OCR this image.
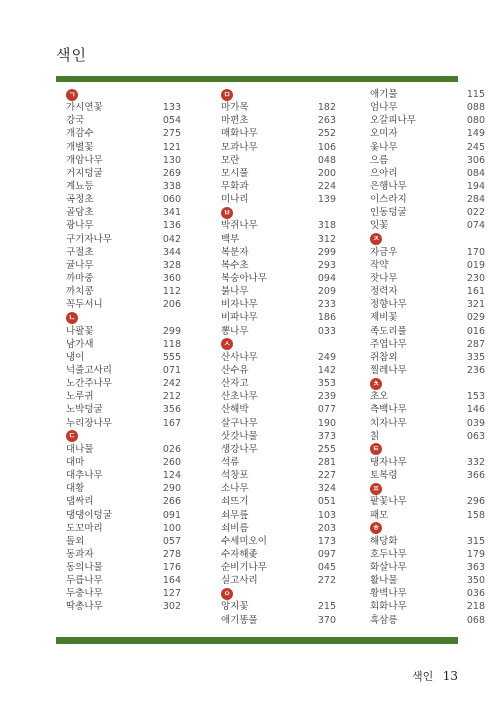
색인
ㄱ
가시연꽃	133
강국	054
개감수	275
개별꽃	121
개암나무	130
거지덩굴	269
계뇨등	338
곡정초	060
골담초	341
광나무	136
구기자나무	042
구절초	344
귤나무	328
까마중	360
까치콩	112
꼭두서니	206
ㄴ
나팔꽃	299
남가새	118
냉이	555
넉줄고사리	071
노간주나무	242
노루귀	212
노박덩굴	356
누리장나무	167
ㄷ
대나물	026
대마	260
대추나무	124
대황	290
댑싸리	266
댕댕이덩굴	091
도꼬마리	100
돌외	057
동과자	278
동의나물	176
두릅나무	164
두충나무	127
딱총나무	302
ㅁ
마가목	182
마편초	263
매화나무	252
모과나무	106
모란	048
모시풀	200
무화과	224
미나리	139
ㅂ
박쥐나무	318
백부	312
복분자	299
복수초	293
복숭아나무	094
붉나무	209
비자나무	233
비파나무	186
뽕나무	033
ㅅ
산사나무	249
산수유	142
산자고	353
산초나무	239
산해박	077
살구나무	190
삿갓나물	373
생강나무	255
석류	281
석창포	227
소나무	324
쇠뜨기	051
쇠무릎	103
쇠비름	203
수세미오이	173
수자해좆	097
순비기나무	045
실고사리	272
ㅇ
앙지꽃	215
애기똥풀	370
애기풀	115
엄나무	088
오갈피나무	080
오미자	149
옻나무	245
으름	306
으아리	084
은행나무	194
이스라지	284
인동덩굴	022
잇꽃	074
ㅈ
자금우	170
작약	019
잣나무	230
정력자	161
정향나무	321
제비꽃	029
족도리풀	016
주엽나무	287
쥐참외	335
찔레나무	236
ㅊ
초오	153
측백나무	146
치자나무	039
칡	063
ㅌ
탱자나무	332
토복령	366
ㅍ
팥꽃나무	296
패모	158
ㅎ
해당화	315
호두나무	179
화살나무	363
활나물	350
황벽나무	036
회화나무	218
흑삼릉	068
색인 13
